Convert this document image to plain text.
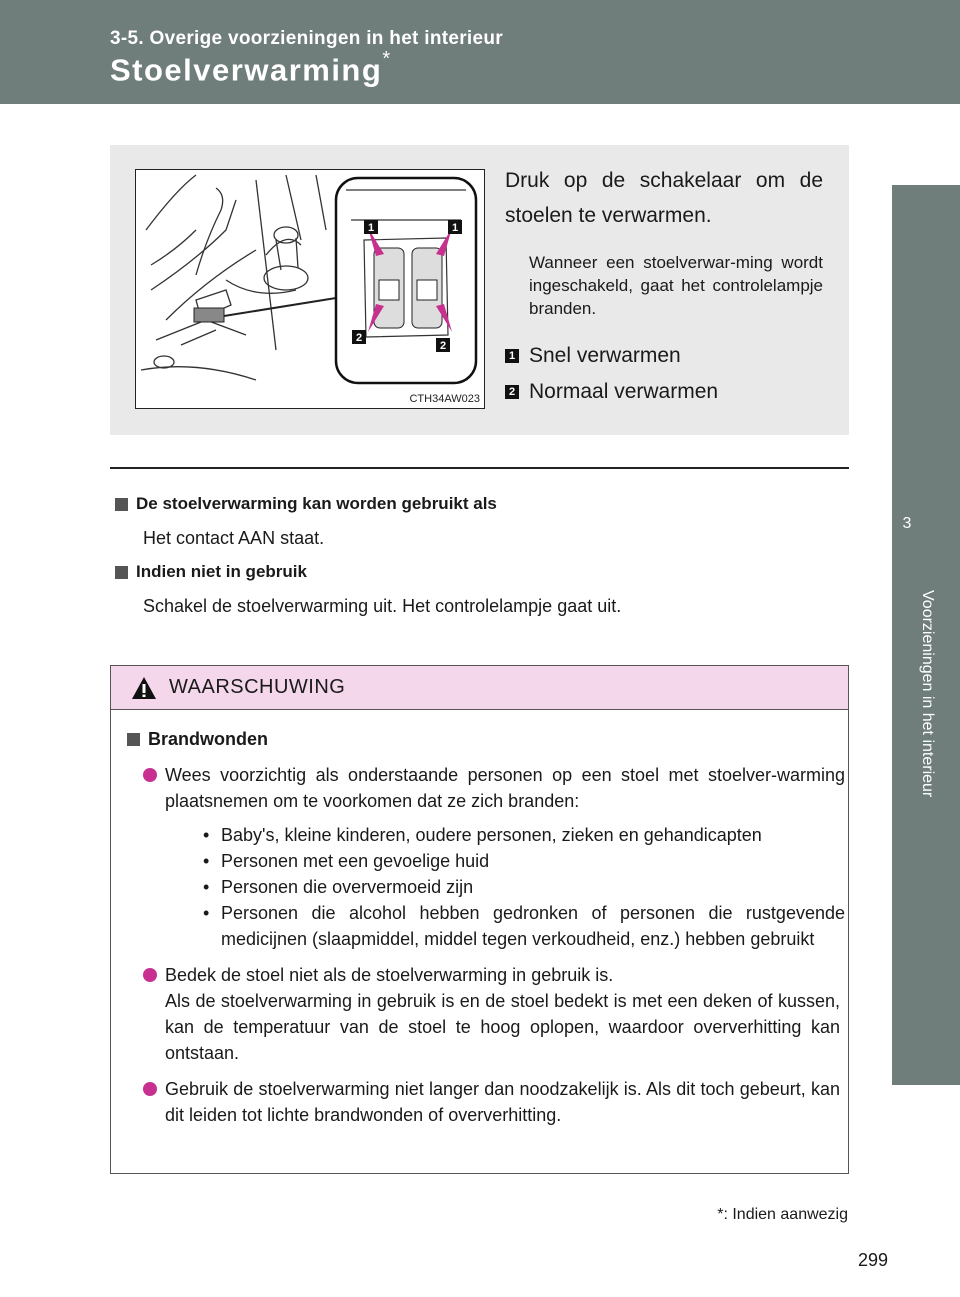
3-5. Overige voorzieningen in het interieur
Stoelverwarming*
3
Voorzieningen in het interieur
1	1
2
2
CTH34AW023
Druk op de schakelaar om de stoelen te verwarmen.
Wanneer een stoelverwar-ming wordt ingeschakeld, gaat het controlelampje branden.
1 Snel verwarmen
2 Normaal verwarmen
De stoelverwarming kan worden gebruikt als
Het contact AAN staat.
Indien niet in gebruik
Schakel de stoelverwarming uit. Het controlelampje gaat uit.
WAARSCHUWING
Brandwonden
Wees voorzichtig als onderstaande personen op een stoel met stoelver-warming plaatsnemen om te voorkomen dat ze zich branden:
• Baby's, kleine kinderen, oudere personen, zieken en gehandicapten
• Personen met een gevoelige huid
• Personen die oververmoeid zijn
• Personen die alcohol hebben gedronken of personen die rustgevende medicijnen (slaapmiddel, middel tegen verkoudheid, enz.) hebben gebruikt
Bedek de stoel niet als de stoelverwarming in gebruik is.
Als de stoelverwarming in gebruik is en de stoel bedekt is met een deken of kussen, kan de temperatuur van de stoel te hoog oplopen, waardoor oververhitting kan ontstaan.
Gebruik de stoelverwarming niet langer dan noodzakelijk is. Als dit toch gebeurt, kan dit leiden tot lichte brandwonden of oververhitting.
*: Indien aanwezig
299
